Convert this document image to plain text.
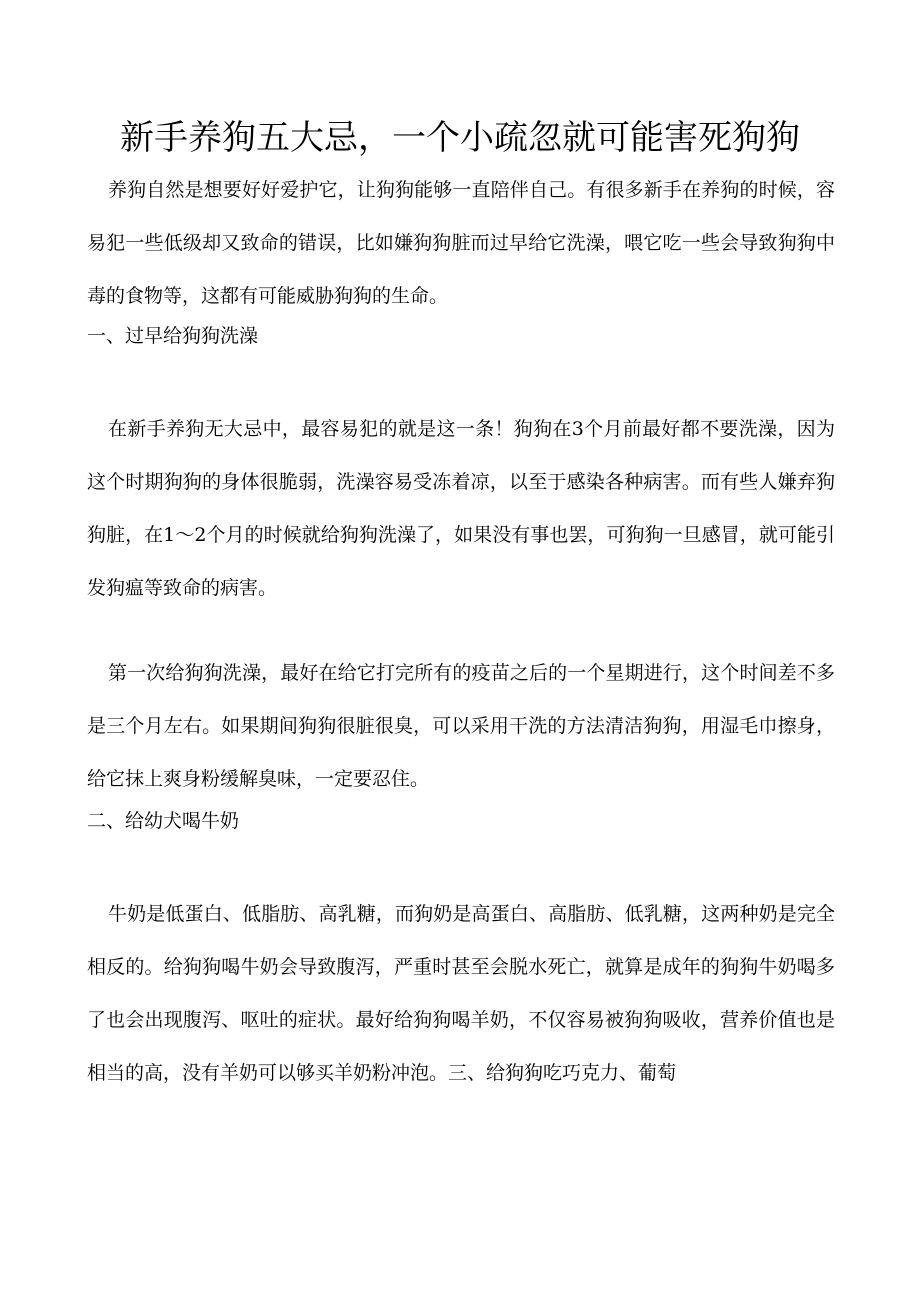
新手养狗五大忌，一个小疏忽就可能害死狗狗

养狗自然是想要好好爱护它，让狗狗能够一直陪伴自己。有很多新手在养狗的时候，容易犯一些低级却又致命的错误，比如嫌狗狗脏而过早给它洗澡，喂它吃一些会导致狗狗中毒的食物等，这都有可能威胁狗狗的生命。

一、过早给狗狗洗澡

在新手养狗无大忌中，最容易犯的就是这一条！狗狗在3个月前最好都不要洗澡，因为这个时期狗狗的身体很脆弱，洗澡容易受冻着凉，以至于感染各种病害。而有些人嫌弃狗狗脏，在1～2个月的时候就给狗狗洗澡了，如果没有事也罢，可狗狗一旦感冒，就可能引发狗瘟等致命的病害。

第一次给狗狗洗澡，最好在给它打完所有的疫苗之后的一个星期进行，这个时间差不多是三个月左右。如果期间狗狗很脏很臭，可以采用干洗的方法清洁狗狗，用湿毛巾擦身，给它抹上爽身粉缓解臭味，一定要忍住。

二、给幼犬喝牛奶

牛奶是低蛋白、低脂肪、高乳糖，而狗奶是高蛋白、高脂肪、低乳糖，这两种奶是完全相反的。给狗狗喝牛奶会导致腹泻，严重时甚至会脱水死亡，就算是成年的狗狗牛奶喝多了也会出现腹泻、呕吐的症状。最好给狗狗喝羊奶，不仅容易被狗狗吸收，营养价值也是相当的高，没有羊奶可以够买羊奶粉冲泡。三、给狗狗吃巧克力、葡萄
